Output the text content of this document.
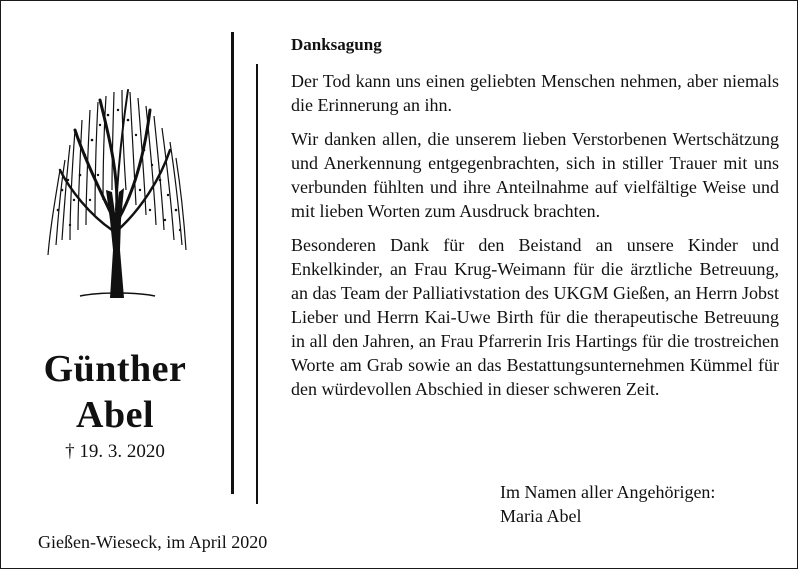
Günther
Abel
† 19. 3. 2020
Gießen-Wieseck, im April 2020
Danksagung

Der Tod kann uns einen geliebten Menschen nehmen, aber niemals die Erinnerung an ihn.

Wir danken allen, die unserem lieben Verstorbenen Wertschätzung und Anerkennung entgegenbrachten, sich in stiller Trauer mit uns verbunden fühlten und ihre Anteilnahme auf vielfältige Weise und mit lieben Worten zum Ausdruck brachten.

Besonderen Dank für den Beistand an unsere Kinder und Enkelkinder, an Frau Krug-Weimann für die ärztliche Betreuung, an das Team der Palliativstation des UKGM Gießen, an Herrn Jobst Lieber und Herrn Kai-Uwe Birth für die therapeutische Betreuung in all den Jahren, an Frau Pfarrerin Iris Hartings für die trostreichen Worte am Grab sowie an das Bestattungsunternehmen Kümmel für den würdevollen Abschied in dieser schweren Zeit.

Im Namen aller Angehörigen:
Maria Abel
